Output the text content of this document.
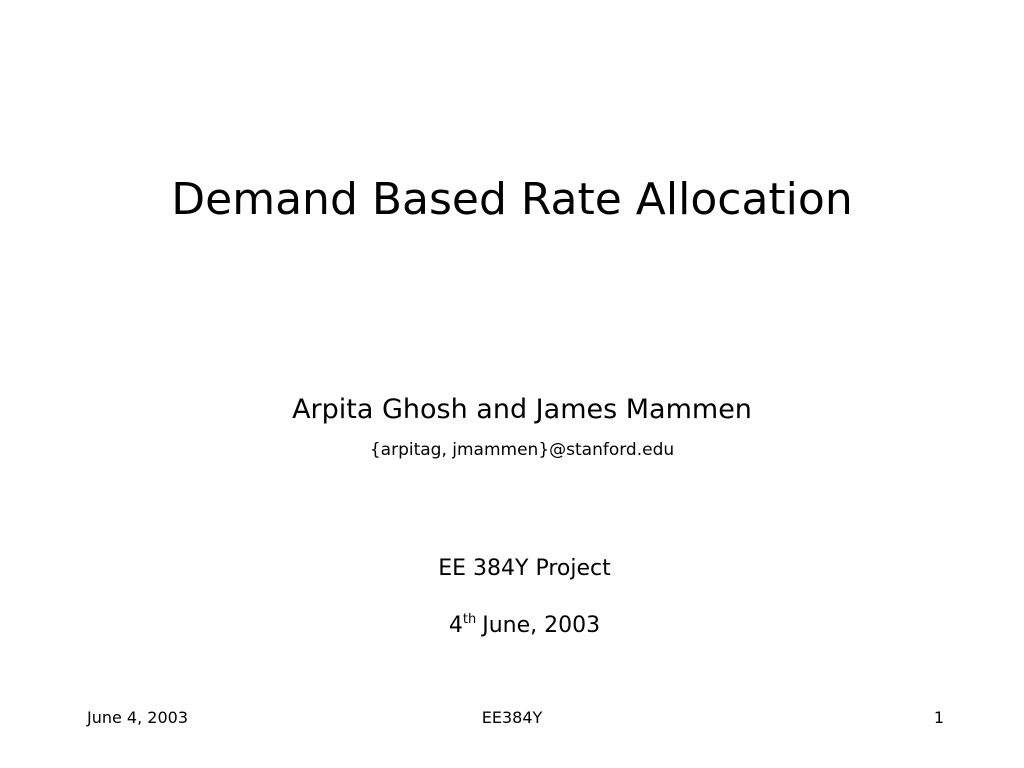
Demand Based Rate Allocation
Arpita Ghosh and James Mammen
{arpitag, jmammen}@stanford.edu
EE 384Y Project
4th June, 2003
June 4, 2003	EE384Y	1
